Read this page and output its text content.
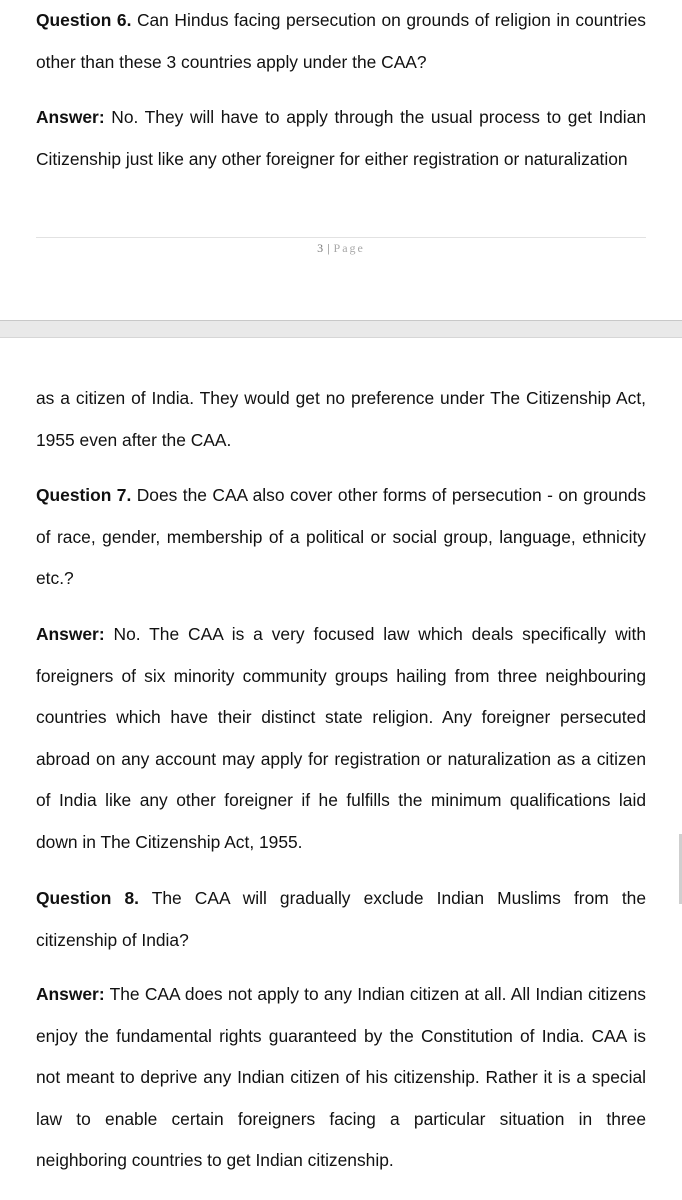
Question 6. Can Hindus facing persecution on grounds of religion in countries other than these 3 countries apply under the CAA?

Answer: No. They will have to apply through the usual process to get Indian Citizenship just like any other foreigner for either registration or naturalization

3 | Page

as a citizen of India. They would get no preference under The Citizenship Act, 1955 even after the CAA.

Question 7. Does the CAA also cover other forms of persecution - on grounds of race, gender, membership of a political or social group, language, ethnicity etc.?

Answer: No. The CAA is a very focused law which deals specifically with foreigners of six minority community groups hailing from three neighbouring countries which have their distinct state religion. Any foreigner persecuted abroad on any account may apply for registration or naturalization as a citizen of India like any other foreigner if he fulfills the minimum qualifications laid down in The Citizenship Act, 1955.

Question 8. The CAA will gradually exclude Indian Muslims from the citizenship of India?

Answer: The CAA does not apply to any Indian citizen at all. All Indian citizens enjoy the fundamental rights guaranteed by the Constitution of India. CAA is not meant to deprive any Indian citizen of his citizenship. Rather it is a special law to enable certain foreigners facing a particular situation in three neighboring countries to get Indian citizenship.
